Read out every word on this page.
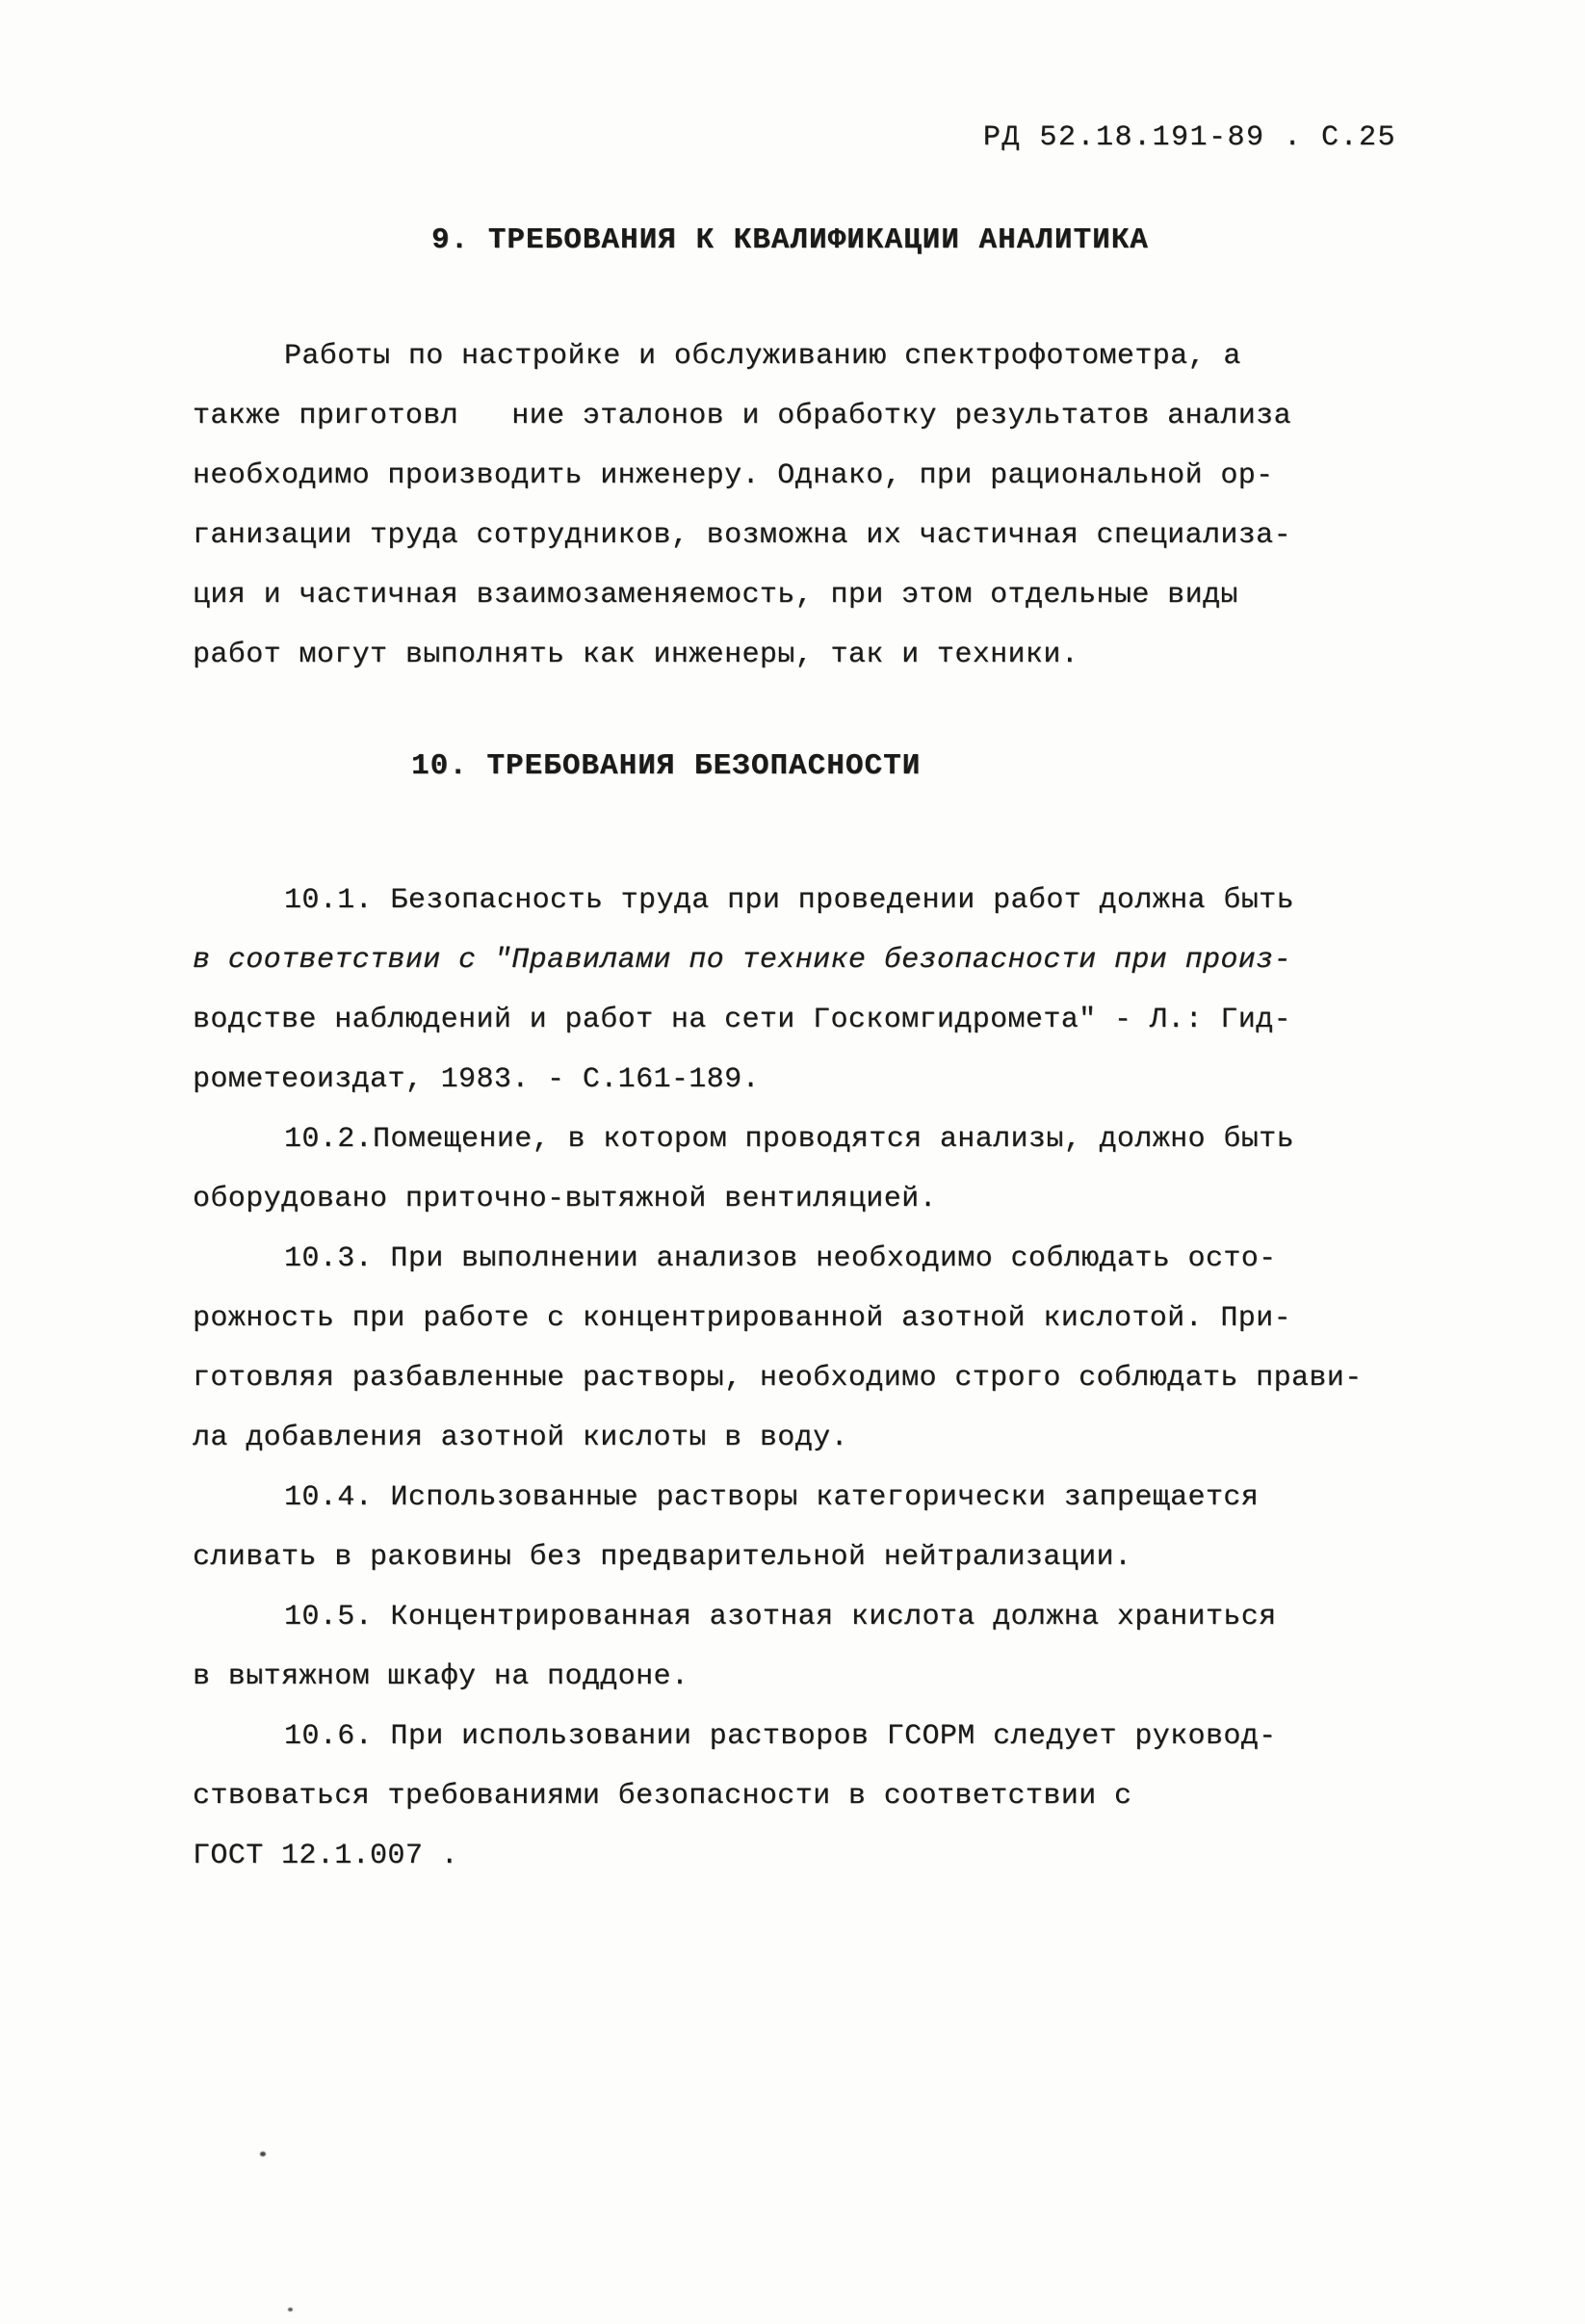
РД 52.18.191-89 . С.25
9. ТРЕБОВАНИЯ К КВАЛИФИКАЦИИ АНАЛИТИКА
Работы по настройке и обслуживанию спектрофотометра, а
также приготовл   ние эталонов и обработку результатов анализа
необходимо производить инженеру. Однако, при рациональной ор-
ганизации труда сотрудников, возможна их частичная специализа-
ция и частичная взаимозаменяемость, при этом отдельные виды
работ могут выполнять как инженеры, так и техники.
10. ТРЕБОВАНИЯ БЕЗОПАСНОСТИ
10.1. Безопасность труда при проведении работ должна быть
в соответствии с "Правилами по технике безопасности при произ-
водстве наблюдений и работ на сети Госкомгидромета" - Л.: Гид-
рометеоиздат, 1983. - С.161-189.
10.2.Помещение, в котором проводятся анализы, должно быть
оборудовано приточно-вытяжной вентиляцией.
10.3. При выполнении анализов необходимо соблюдать осто-
рожность при работе с концентрированной азотной кислотой. При-
готовляя разбавленные растворы, необходимо строго соблюдать прави-
ла добавления азотной кислоты в воду.
10.4. Использованные растворы категорически запрещается
сливать в раковины без предварительной нейтрализации.
10.5. Концентрированная азотная кислота должна храниться
в вытяжном шкафу на поддоне.
10.6. При использовании растворов ГСОРМ следует руковод-
ствоваться требованиями безопасности в соответствии с
ГОСТ 12.1.007 .
